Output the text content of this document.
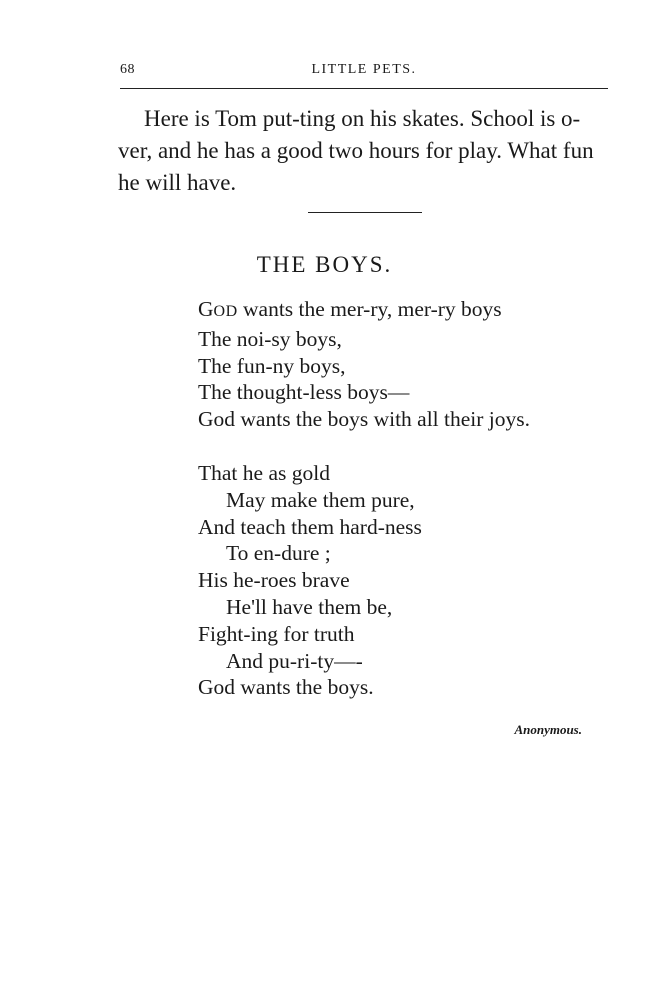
68	LITTLE PETS.

Here is Tom put-ting on his skates. School is o-ver, and he has a good two hours for play. What fun he will have.

THE BOYS.
GOD wants the mer-ry, mer-ry boys
The noi-sy boys,
The fun-ny boys,
The thought-less boys—
God wants the boys with all their joys.
That he as gold
May make them pure,
And teach them hard-ness
To en-dure ;
His he-roes brave
He'll have them be,
Fight-ing for truth
And pu-ri-ty—-
God wants the boys.
Anonymous.
